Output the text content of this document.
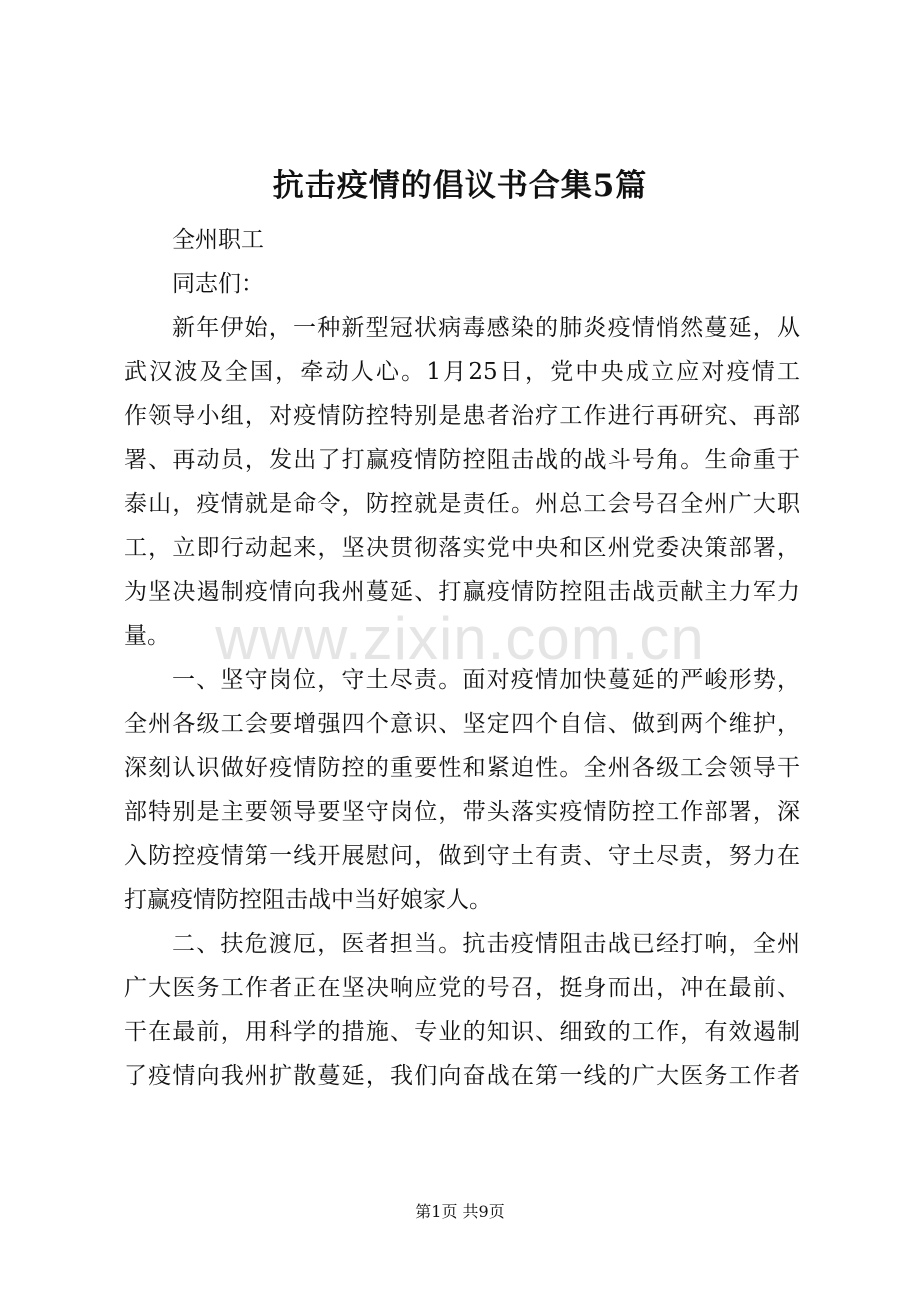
抗击疫情的倡议书合集5篇
全州职工
同志们：
新年伊始，一种新型冠状病毒感染的肺炎疫情悄然蔓延，从
武汉波及全国，牵动人心。1月25日，党中央成立应对疫情工
作领导小组，对疫情防控特别是患者治疗工作进行再研究、再部
署、再动员，发出了打赢疫情防控阻击战的战斗号角。生命重于
泰山，疫情就是命令，防控就是责任。州总工会号召全州广大职
工，立即行动起来，坚决贯彻落实党中央和区州党委决策部署，
为坚决遏制疫情向我州蔓延、打赢疫情防控阻击战贡献主力军力
量。
一、坚守岗位，守土尽责。面对疫情加快蔓延的严峻形势，
全州各级工会要增强四个意识、坚定四个自信、做到两个维护，
深刻认识做好疫情防控的重要性和紧迫性。全州各级工会领导干
部特别是主要领导要坚守岗位，带头落实疫情防控工作部署，深
入防控疫情第一线开展慰问，做到守土有责、守土尽责，努力在
打赢疫情防控阻击战中当好娘家人。
二、扶危渡厄，医者担当。抗击疫情阻击战已经打响，全州
广大医务工作者正在坚决响应党的号召，挺身而出，冲在最前、
干在最前，用科学的措施、专业的知识、细致的工作，有效遏制
了疫情向我州扩散蔓延，我们向奋战在第一线的广大医务工作者
www.zixin.com.cn
第1页 共9页
